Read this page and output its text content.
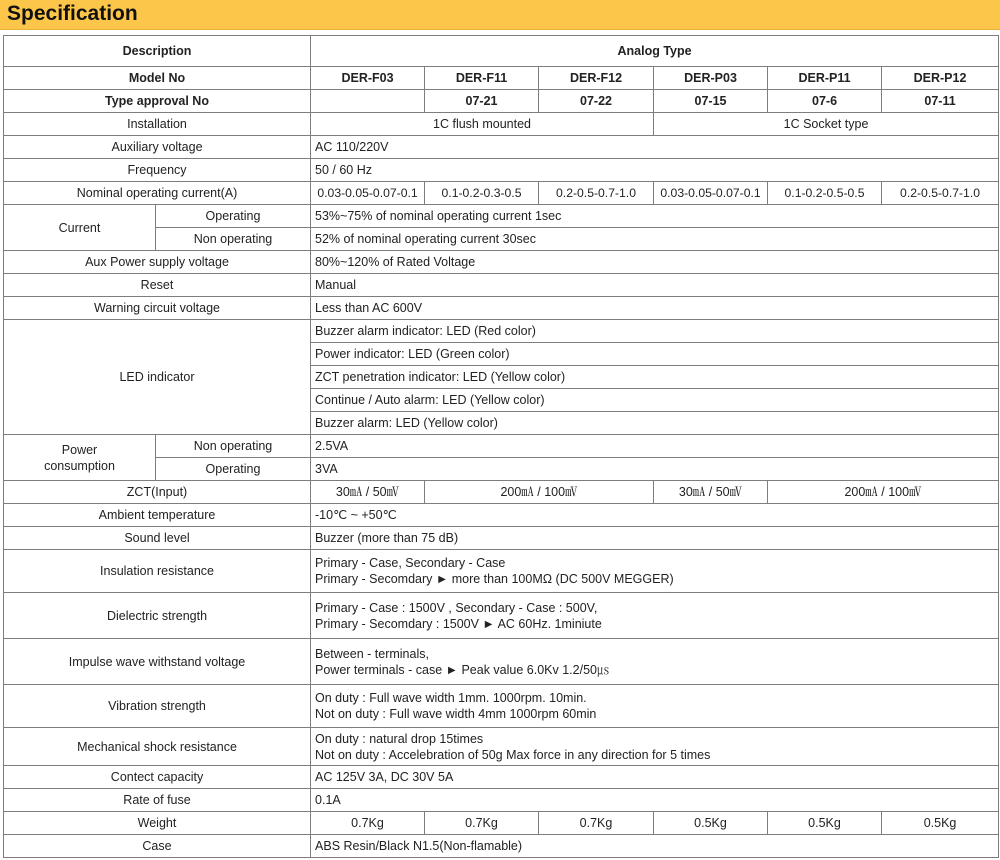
Specification
Description		Analog Type					
Model No		DER-F03	DER-F11	DER-F12	DER-P03	DER-P11	DER-P12
Type approval No			07-21	07-22	07-15	07-6	07-11
Installation		1C flush mounted			1C Socket type		
Auxiliary voltage		AC 110/220V					
Frequency		50 / 60 Hz					
Nominal operating current(A)		0.03-0.05-0.07-0.1	0.1-0.2-0.3-0.5	0.2-0.5-0.7-1.0	0.03-0.05-0.07-0.1	0.1-0.2-0.5-0.5	0.2-0.5-0.7-1.0
Current	Operating	53%~75% of nominal operating current 1sec					
	Non operating	52% of nominal operating current 30sec					
Aux Power supply voltage		80%~120% of Rated Voltage					
Reset		Manual					
Warning circuit voltage		Less than AC 600V					
LED indicator		Buzzer alarm indicator: LED (Red color)					
		Power indicator: LED (Green color)					
		ZCT penetration indicator: LED (Yellow color)					
		Continue / Auto alarm: LED (Yellow color)					
		Buzzer alarm: LED (Yellow color)					

Power
consumption	Non operating	2.5VA					
	Operating	3VA					
ZCT(Input)		30㎃ / 50㎷	200㎃ / 100㎷		30㎃ / 50㎷	200㎃ / 100㎷	
Ambient temperature		-10℃ ~ +50℃					
Sound level		Buzzer (more than 75 dB)					
Insulation resistance		Primary - Case, Secondary - Case
Primary - Secomdary ► more than 100MΩ (DC 500V MEGGER)					

Dielectric strength		Primary - Case : 1500V , Secondary - Case : 500V,
Primary - Secomdary : 1500V ► AC 60Hz. 1miniute					

Impulse wave withstand voltage		Between - terminals,
Power terminals - case ► Peak value 6.0Kv 1.2/50㎲					

Vibration strength		On duty : Full wave width 1mm. 1000rpm. 10min.
Not on duty : Full wave width 4mm 1000rpm 60min					

Mechanical shock resistance		On duty : natural drop 15times
Not on duty : Accelebration of 50g Max force in any direction for 5 times					

Contect capacity		AC 125V 3A, DC 30V 5A					
Rate of fuse		0.1A					
Weight		0.7Kg	0.7Kg	0.7Kg	0.5Kg	0.5Kg	0.5Kg
Case		ABS Resin/Black N1.5(Non-flamable)					
